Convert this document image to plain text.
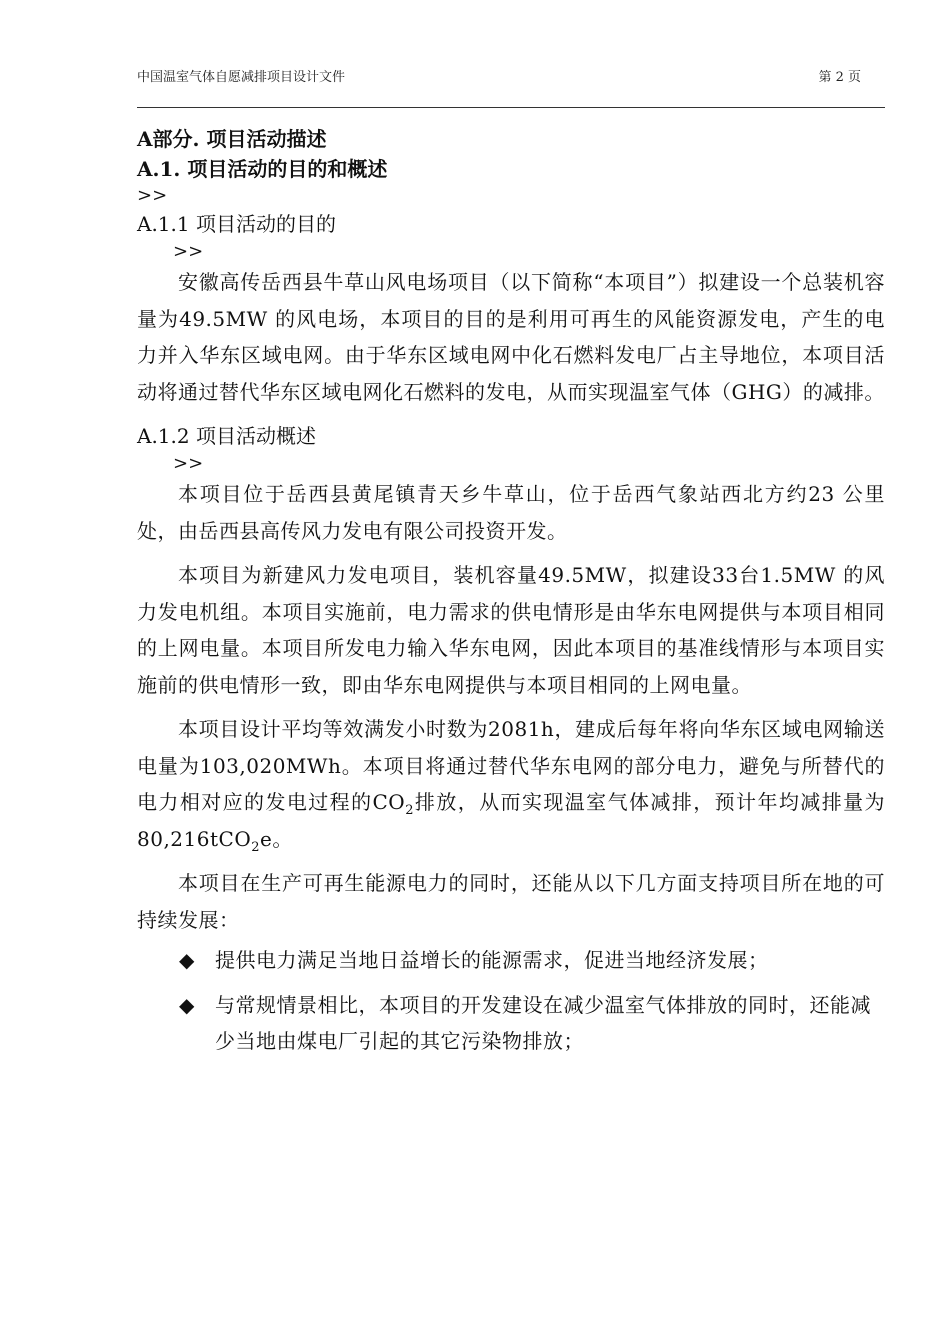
中国温室气体自愿减排项目设计文件	第 2 页

A部分. 项目活动描述

A.1. 项目活动的目的和概述

>>

A.1.1 项目活动的目的

>>

安徽高传岳西县牛草山风电场项目（以下简称“本项目”）拟建设一个总装机容量为49.5MW 的风电场，本项目的目的是利用可再生的风能资源发电，产生的电力并入华东区域电网。由于华东区域电网中化石燃料发电厂占主导地位，本项目活动将通过替代华东区域电网化石燃料的发电，从而实现温室气体（GHG）的减排。

A.1.2 项目活动概述

>>

本项目位于岳西县黄尾镇青天乡牛草山，位于岳西气象站西北方约23 公里处，由岳西县高传风力发电有限公司投资开发。

本项目为新建风力发电项目，装机容量49.5MW，拟建设33台1.5MW 的风力发电机组。本项目实施前，电力需求的供电情形是由华东电网提供与本项目相同的上网电量。本项目所发电力输入华东电网，因此本项目的基准线情形与本项目实施前的供电情形一致，即由华东电网提供与本项目相同的上网电量。

本项目设计平均等效满发小时数为2081h，建成后每年将向华东区域电网输送电量为103,020MWh。本项目将通过替代华东电网的部分电力，避免与所替代的电力相对应的发电过程的$CO_2$排放，从而实现温室气体减排，预计年均减排量为80,216tCO$_2$e。

本项目在生产可再生能源电力的同时，还能从以下几方面支持项目所在地的可持续发展：

◆ 提供电力满足当地日益增长的能源需求，促进当地经济发展；
◆ 与常规情景相比，本项目的开发建设在减少温室气体排放的同时，还能减少当地由煤电厂引起的其它污染物排放；
